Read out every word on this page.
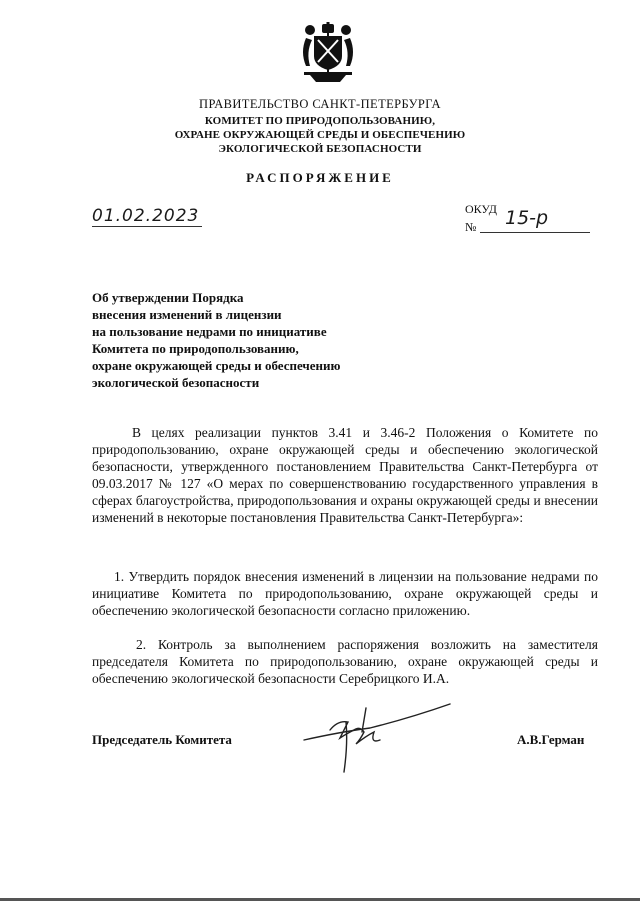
ПРАВИТЕЛЬСТВО САНКТ-ПЕТЕРБУРГА
КОМИТЕТ ПО ПРИРОДОПОЛЬЗОВАНИЮ,
ОХРАНЕ ОКРУЖАЮЩЕЙ СРЕДЫ И ОБЕСПЕЧЕНИЮ
ЭКОЛОГИЧЕСКОЙ БЕЗОПАСНОСТИ
РАСПОРЯЖЕНИЕ
01.02.2023	ОКУД
№ 15-р
Об утверждении Порядка
внесения изменений в лицензии
на пользование недрами по инициативе
Комитета по природопользованию,
охране окружающей среды и обеспечению
экологической безопасности
В целях реализации пунктов 3.41 и 3.46-2 Положения о Комитете по природопользованию, охране окружающей среды и обеспечению экологической безопасности, утвержденного постановлением Правительства Санкт-Петербурга от 09.03.2017 № 127 «О мерах по совершенствованию государственного управления в сферах благоустройства, природопользования и охраны окружающей среды и внесении изменений в некоторые постановления Правительства Санкт-Петербурга»:
1. Утвердить порядок внесения изменений в лицензии на пользование недрами по инициативе Комитета по природопользованию, охране окружающей среды и обеспечению экологической безопасности согласно приложению.
2. Контроль за выполнением распоряжения возложить на заместителя председателя Комитета по природопользованию, охране окружающей среды и обеспечению экологической безопасности Серебрицкого И.А.
Председатель Комитета	А.В.Герман
